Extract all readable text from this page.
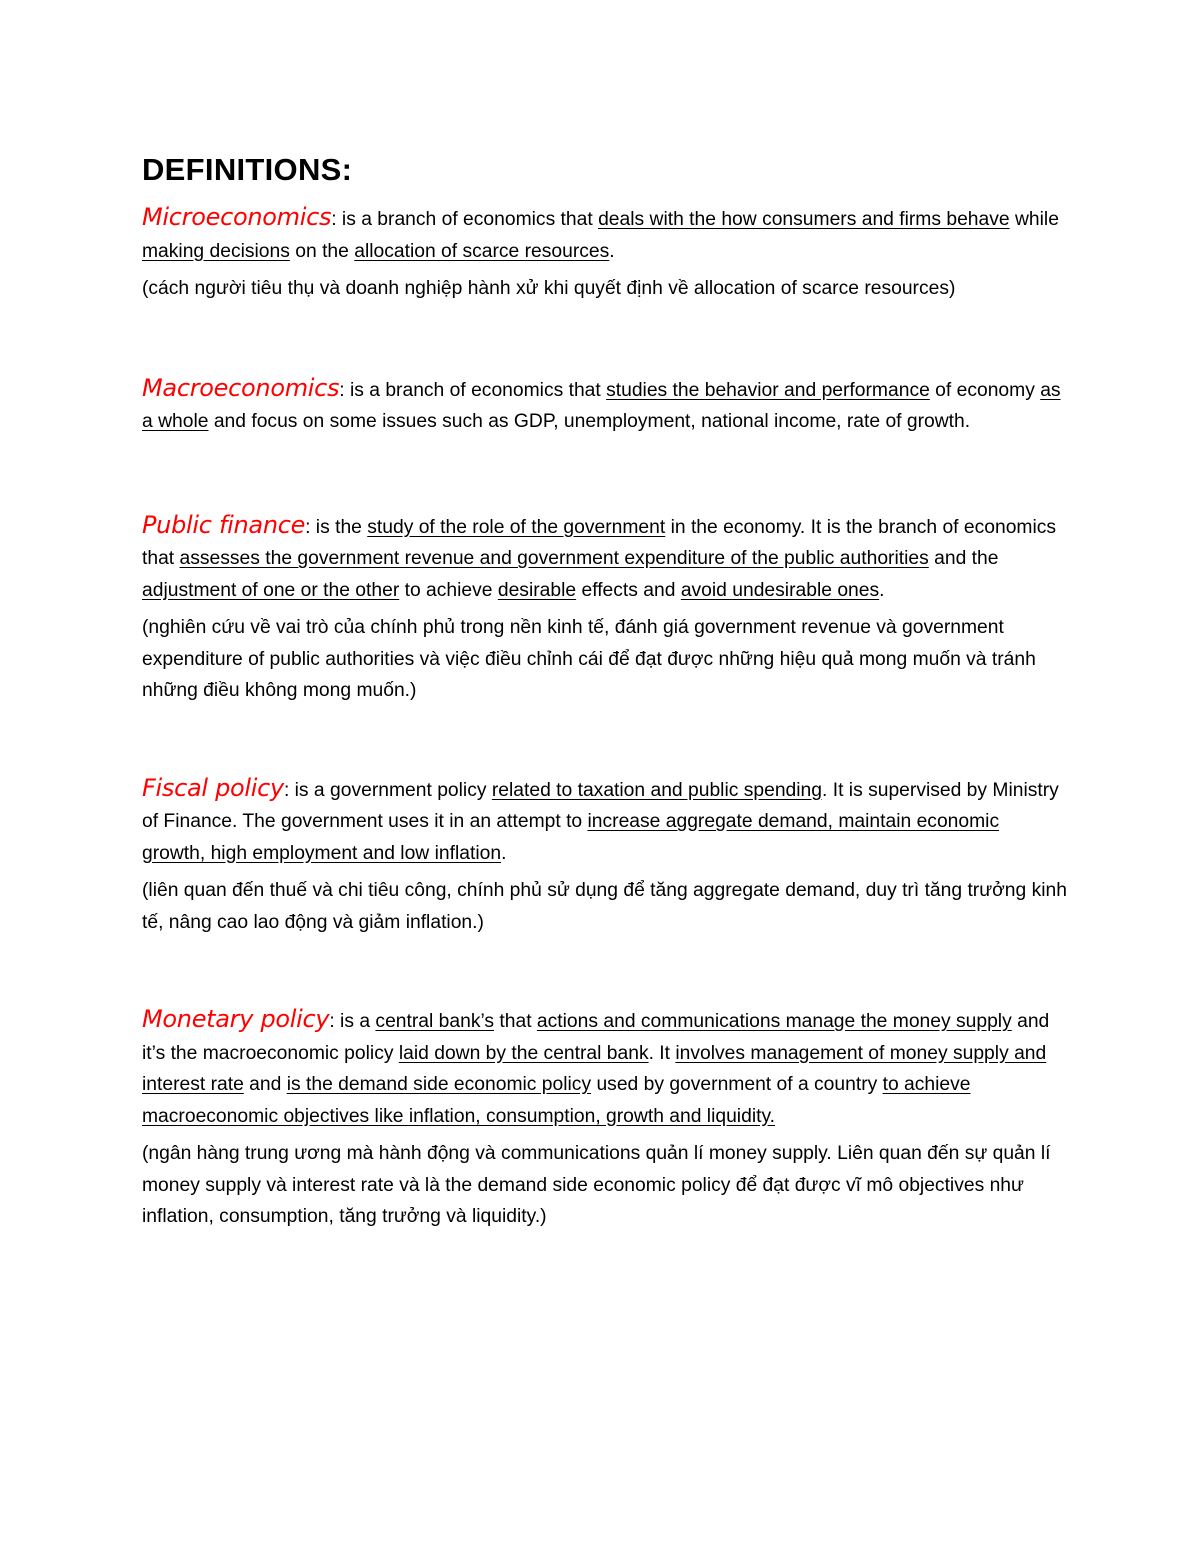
DEFINITIONS:

Microeconomics: is a branch of economics that deals with the how consumers and firms behave while making decisions on the allocation of scarce resources.

(cách người tiêu thụ và doanh nghiệp hành xử khi quyết định về allocation of scarce resources)

Macroeconomics: is a branch of economics that studies the behavior and performance of economy as a whole and focus on some issues such as GDP, unemployment, national income, rate of growth.

Public finance: is the study of the role of the government in the economy. It is the branch of economics that assesses the government revenue and government expenditure of the public authorities and the adjustment of one or the other to achieve desirable effects and avoid undesirable ones.

(nghiên cứu về vai trò của chính phủ trong nền kinh tế, đánh giá government revenue và government expenditure of public authorities và việc điều chỉnh cái để đạt được những hiệu quả mong muốn và tránh những điều không mong muốn.)

Fiscal policy: is a government policy related to taxation and public spending. It is supervised by Ministry of Finance. The government uses it in an attempt to increase aggregate demand, maintain economic growth, high employment and low inflation.

(liên quan đến thuế và chi tiêu công, chính phủ sử dụng để tăng aggregate demand, duy trì tăng trưởng kinh tế, nâng cao lao động và giảm inflation.)

Monetary policy: is a central bank’s that actions and communications manage the money supply and it’s the macroeconomic policy laid down by the central bank. It involves management of money supply and interest rate and is the demand side economic policy used by government of a country to achieve macroeconomic objectives like inflation, consumption, growth and liquidity.

(ngân hàng trung ương mà hành động và communications quản lí money supply. Liên quan đến sự quản lí money supply và interest rate và là the demand side economic policy để đạt được vĩ mô objectives như inflation, consumption, tăng trưởng và liquidity.)
